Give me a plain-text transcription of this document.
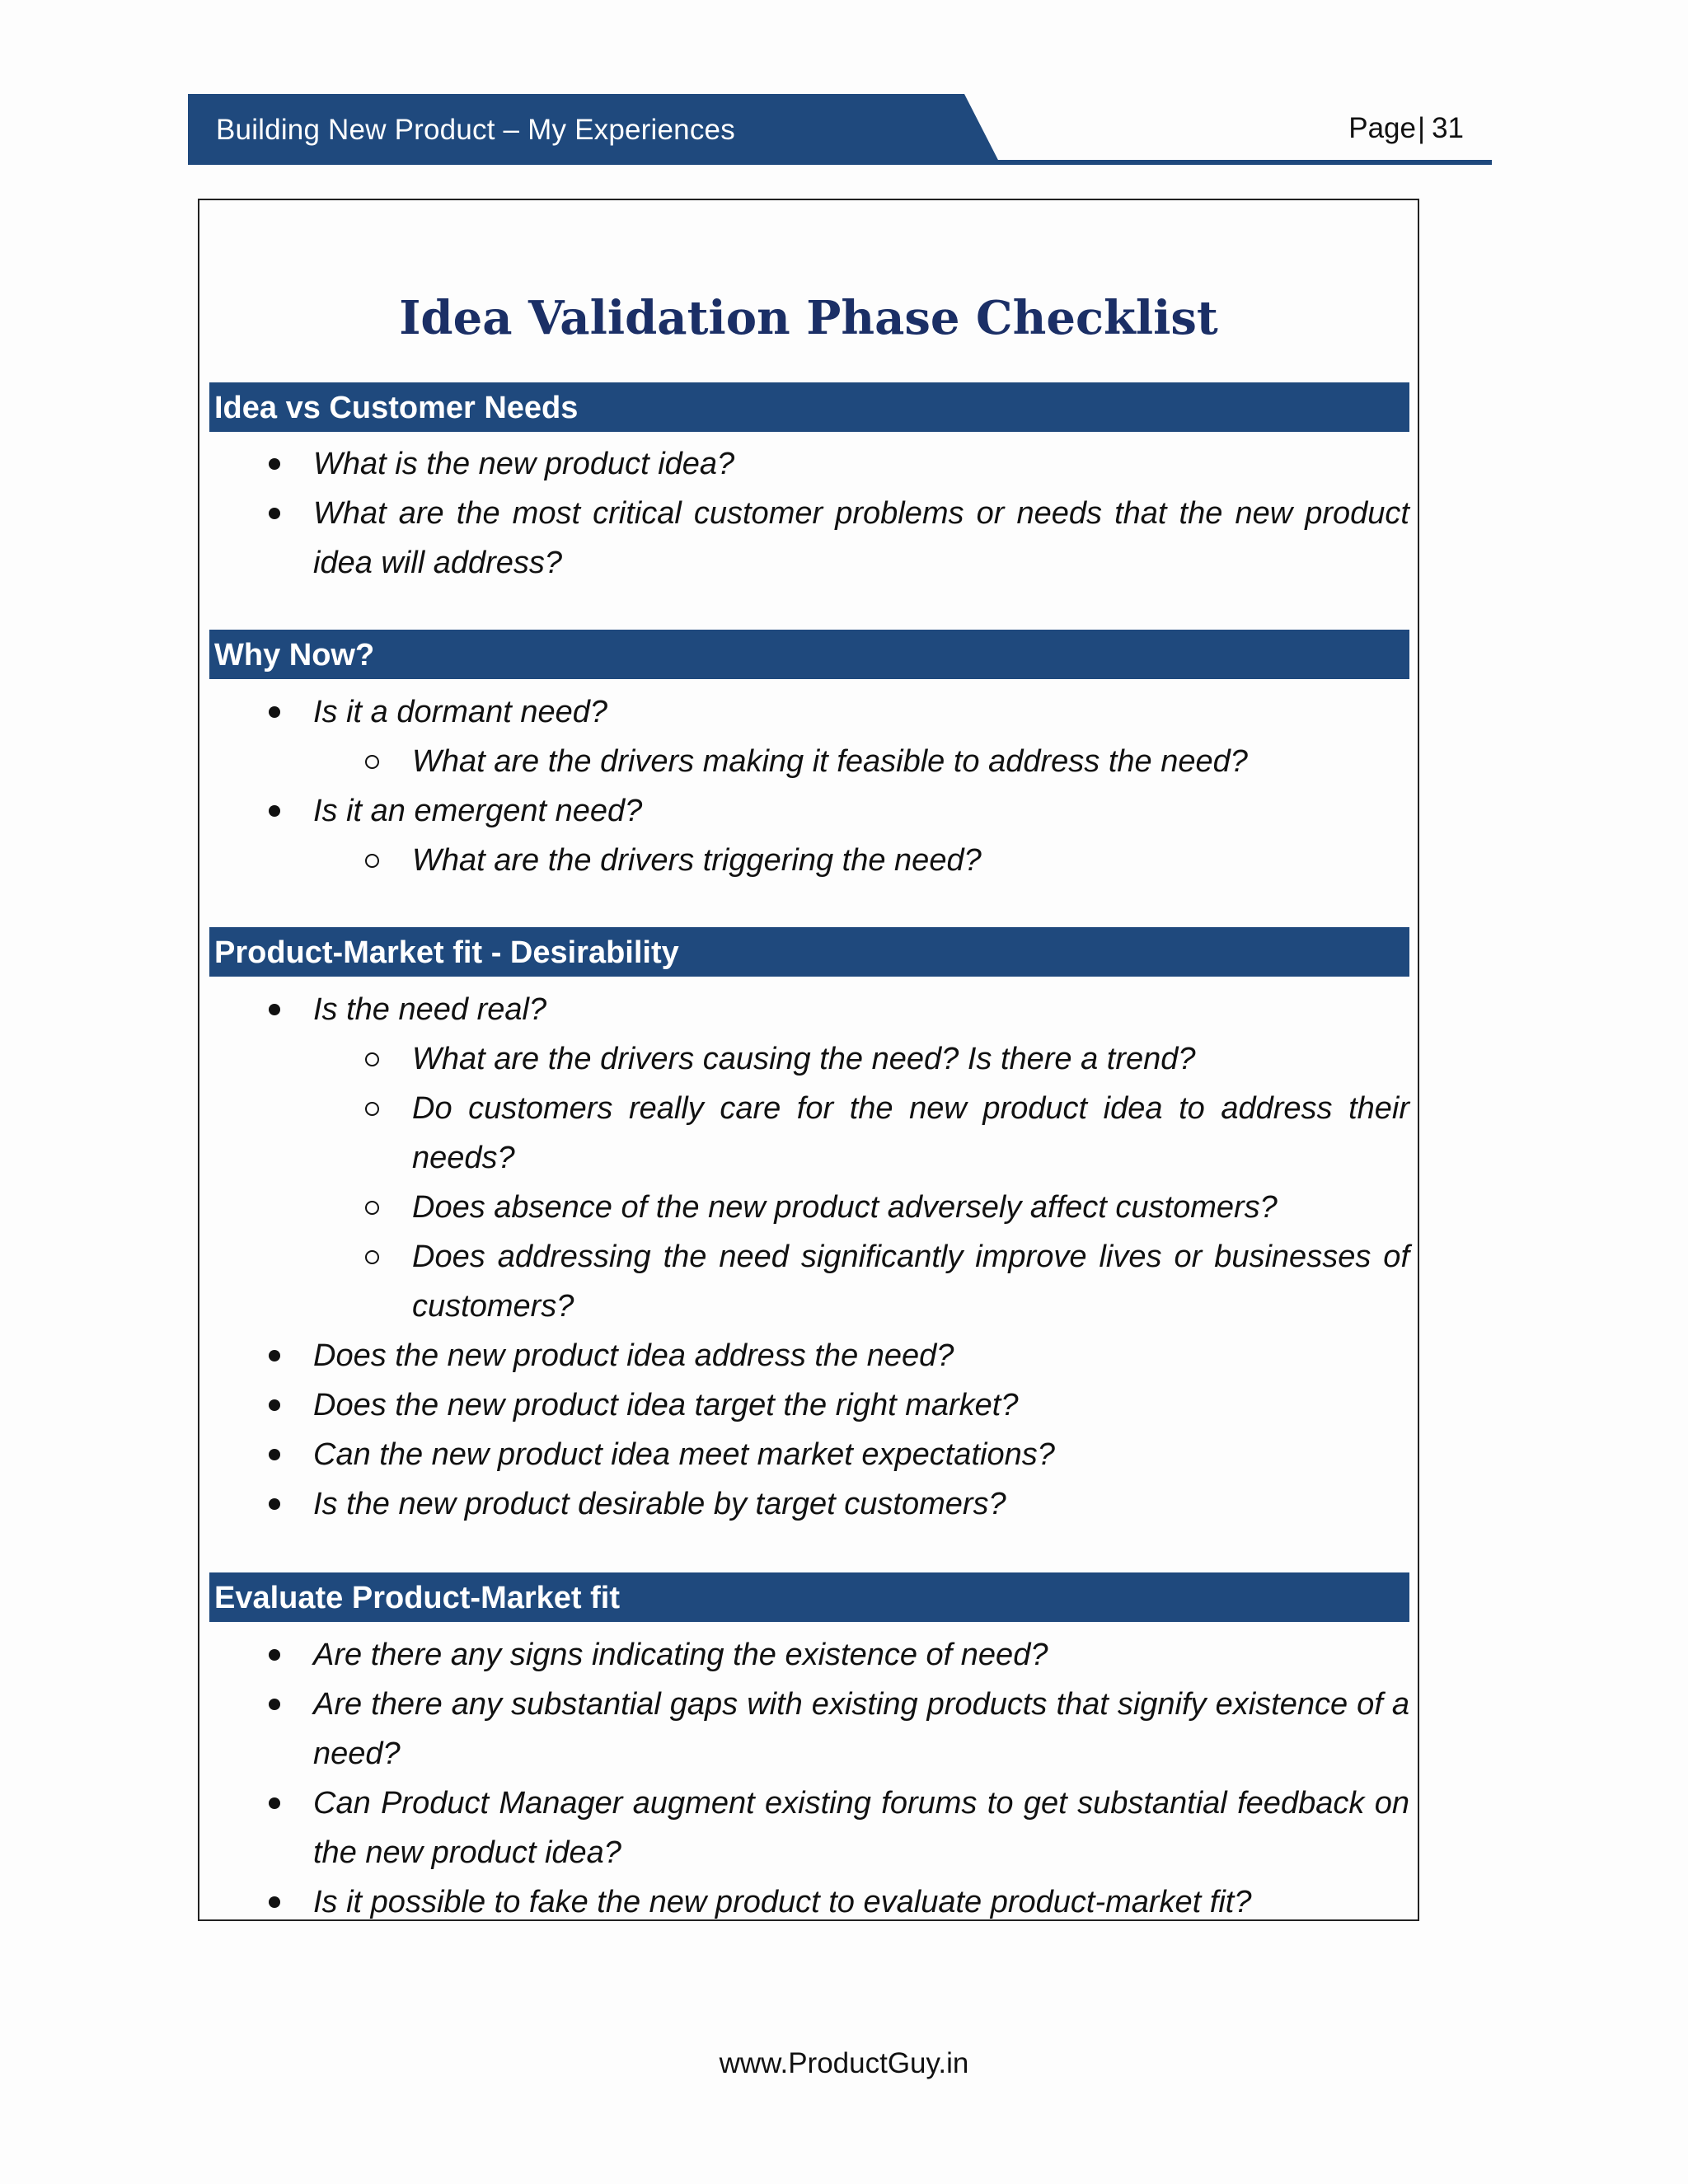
Building New Product – My Experiences	Page| 31
Idea Validation Phase Checklist
Idea vs Customer Needs
What is the new product idea?
What are the most critical customer problems or needs that the new product idea will address?
Why Now?
Is it a dormant need?
What are the drivers making it feasible to address the need?
Is it an emergent need?
What are the drivers triggering the need?
Product-Market fit - Desirability
Is the need real?
What are the drivers causing the need? Is there a trend?
Do customers really care for the new product idea to address their needs?
Does absence of the new product adversely affect customers?
Does addressing the need significantly improve lives or businesses of customers?
Does the new product idea address the need?
Does the new product idea target the right market?
Can the new product idea meet market expectations?
Is the new product desirable by target customers?
Evaluate Product-Market fit
Are there any signs indicating the existence of need?
Are there any substantial gaps with existing products that signify existence of a need?
Can Product Manager augment existing forums to get substantial feedback on the new product idea?
Is it possible to fake the new product to evaluate product-market fit?
www.ProductGuy.in
